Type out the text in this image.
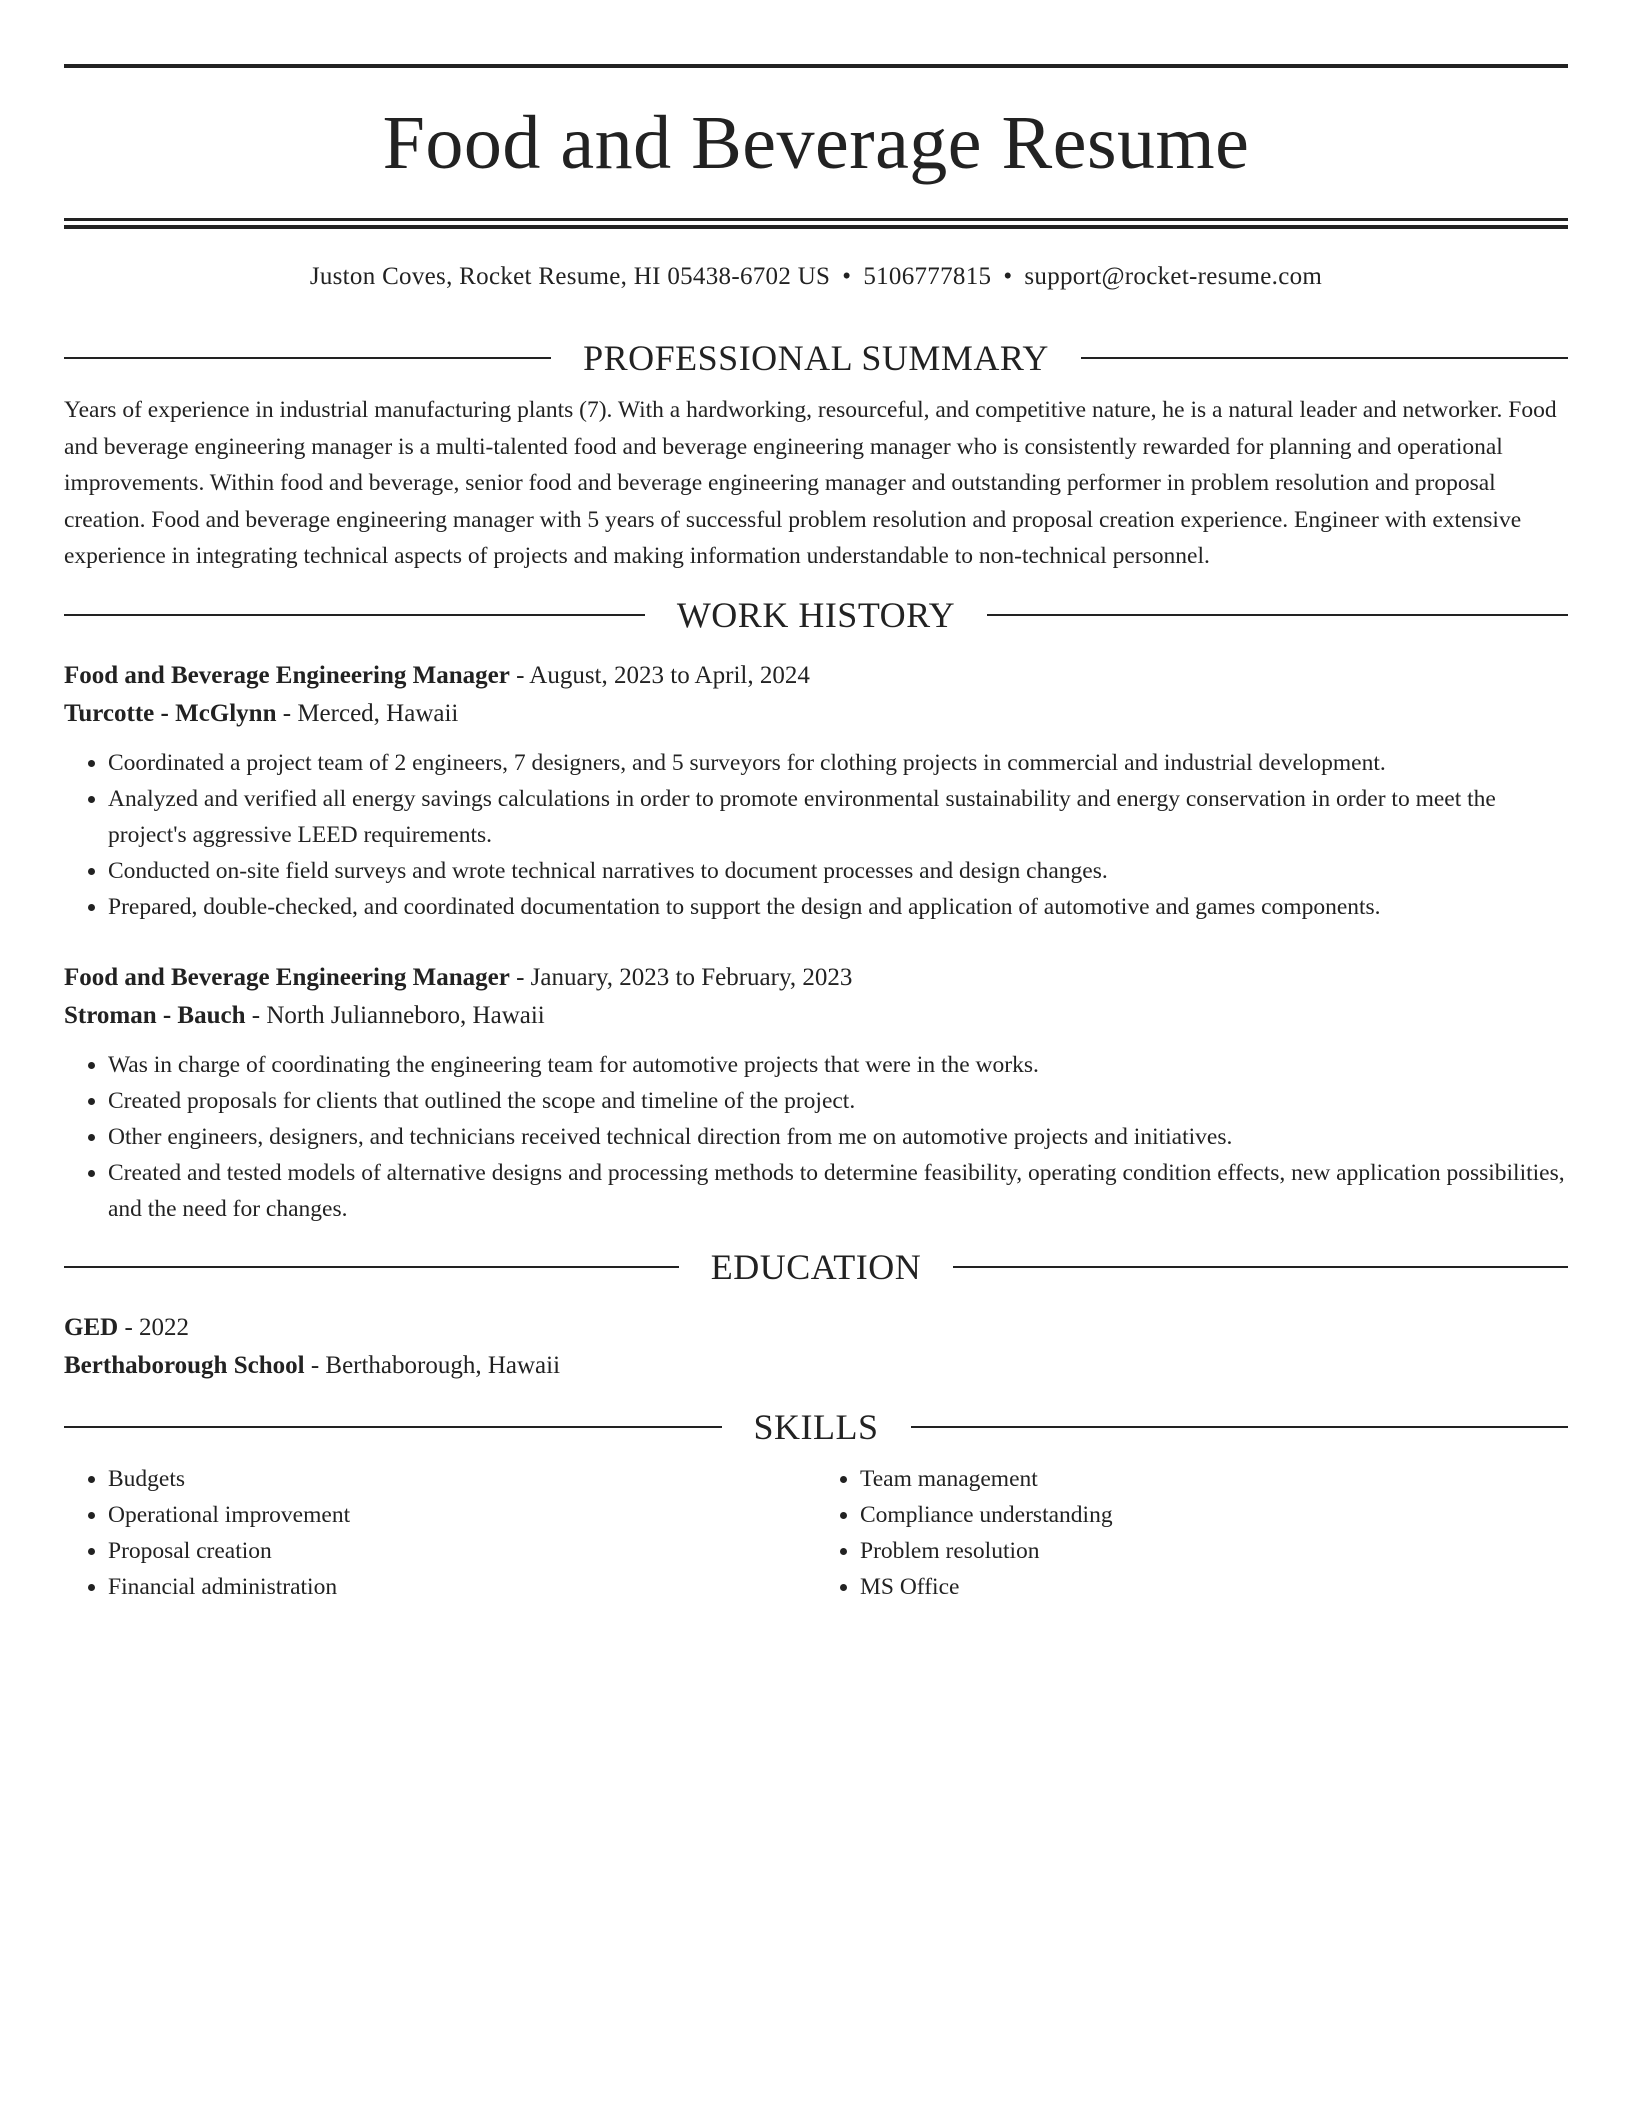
Food and Beverage Resume
Juston Coves, Rocket Resume, HI 05438-6702 US • 5106777815 • support@rocket-resume.com
PROFESSIONAL SUMMARY

Years of experience in industrial manufacturing plants (7). With a hardworking, resourceful, and competitive nature, he is a natural leader and networker. Food and beverage engineering manager is a multi-talented food and beverage engineering manager who is consistently rewarded for planning and operational improvements. Within food and beverage, senior food and beverage engineering manager and outstanding performer in problem resolution and proposal creation. Food and beverage engineering manager with 5 years of successful problem resolution and proposal creation experience. Engineer with extensive experience in integrating technical aspects of projects and making information understandable to non-technical personnel.

WORK HISTORY
Food and Beverage Engineering Manager - August, 2023 to April, 2024
Turcotte - McGlynn - Merced, Hawaii
• Coordinated a project team of 2 engineers, 7 designers, and 5 surveyors for clothing projects in commercial and industrial development.
• Analyzed and verified all energy savings calculations in order to promote environmental sustainability and energy conservation in order to meet the project's aggressive LEED requirements.
• Conducted on-site field surveys and wrote technical narratives to document processes and design changes.
• Prepared, double-checked, and coordinated documentation to support the design and application of automotive and games components.
Food and Beverage Engineering Manager - January, 2023 to February, 2023
Stroman - Bauch - North Julianneboro, Hawaii
• Was in charge of coordinating the engineering team for automotive projects that were in the works.
• Created proposals for clients that outlined the scope and timeline of the project.
• Other engineers, designers, and technicians received technical direction from me on automotive projects and initiatives.
• Created and tested models of alternative designs and processing methods to determine feasibility, operating condition effects, new application possibilities, and the need for changes.
EDUCATION
GED - 2022
Berthaborough School - Berthaborough, Hawaii
SKILLS
• Budgets
• Operational improvement
• Proposal creation
• Financial administration
• Team management
• Compliance understanding
• Problem resolution
• MS Office
